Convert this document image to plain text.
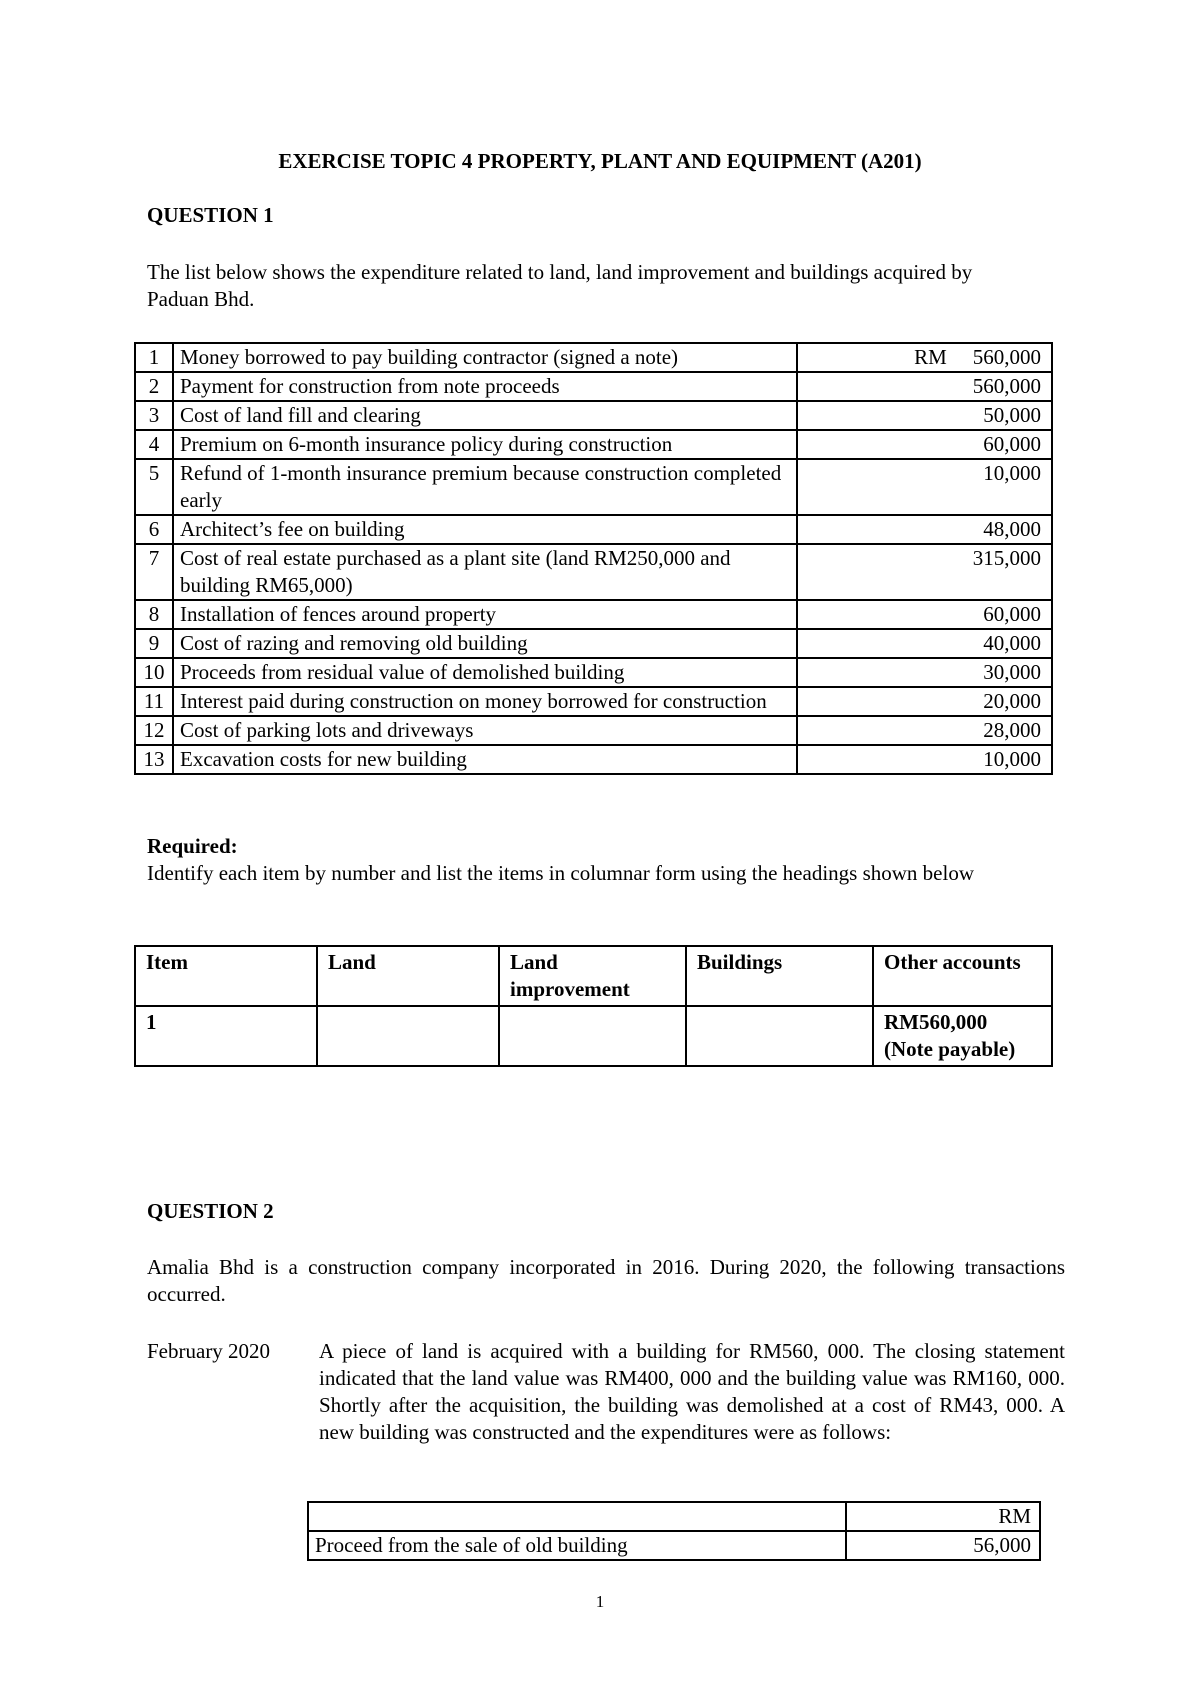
EXERCISE TOPIC 4 PROPERTY, PLANT AND EQUIPMENT (A201)
QUESTION 1
The list below shows the expenditure related to land, land improvement and buildings acquired by Paduan Bhd.
1	Money borrowed to pay building contractor (signed a note)	RM 560,000
2	Payment for construction from note proceeds	560,000
3	Cost of land fill and clearing	50,000
4	Premium on 6-month insurance policy during construction	60,000
5	Refund of 1-month insurance premium because construction completed early	10,000
6	Architect’s fee on building	48,000
7	Cost of real estate purchased as a plant site (land RM250,000 and building RM65,000)	315,000
8	Installation of fences around property	60,000
9	Cost of razing and removing old building	40,000
10	Proceeds from residual value of demolished building	30,000
11	Interest paid during construction on money borrowed for construction	20,000
12	Cost of parking lots and driveways	28,000
13	Excavation costs for new building	10,000
Required:
Identify each item by number and list the items in columnar form using the headings shown below
Item	Land	Land improvement	Buildings	Other accounts
1				RM560,000
(Note payable)
QUESTION 2
Amalia Bhd is a construction company incorporated in 2016. During 2020, the following transactions occurred.
February 2020 A piece of land is acquired with a building for RM560, 000. The closing statement indicated that the land value was RM400, 000 and the building value was RM160, 000. Shortly after the acquisition, the building was demolished at a cost of RM43, 000. A new building was constructed and the expenditures were as follows:
	RM
Proceed from the sale of old building	56,000
1
